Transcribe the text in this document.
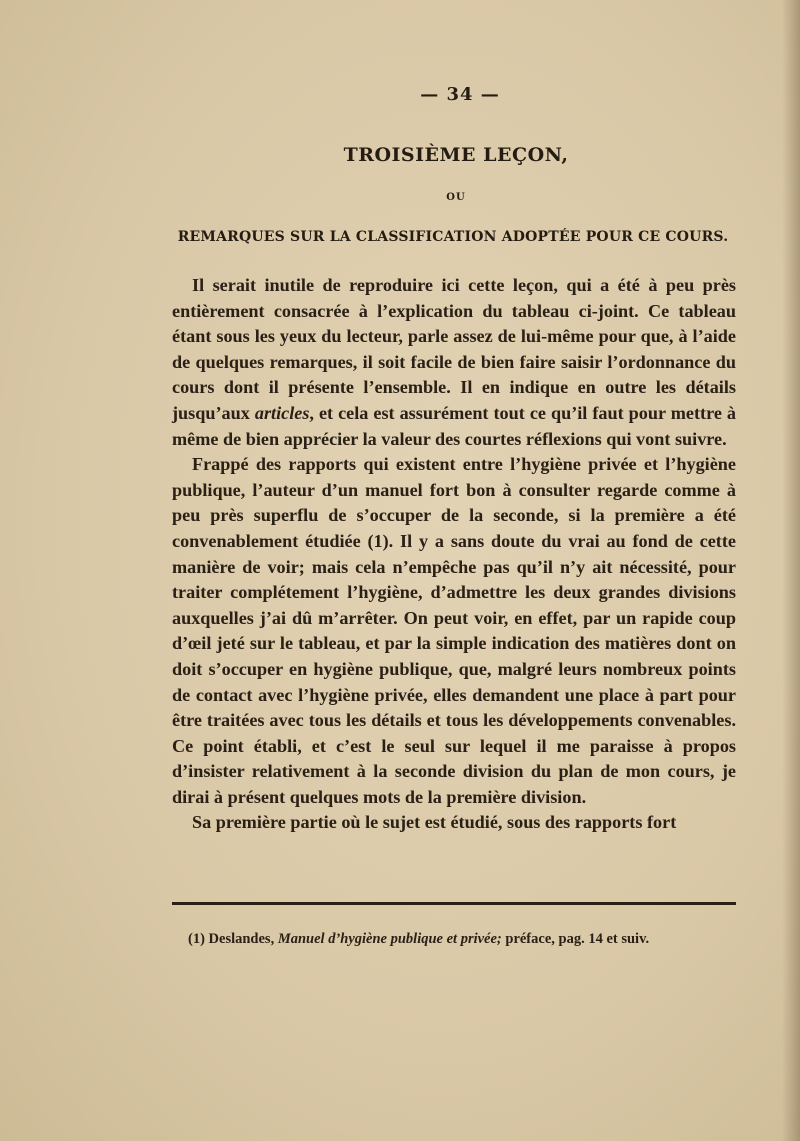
— 34 —
TROISIÈME LEÇON,
OU
REMARQUES SUR LA CLASSIFICATION ADOPTÉE POUR CE COURS.

Il serait inutile de reproduire ici cette leçon, qui a été à peu près entièrement consacrée à l’explication du tableau ci-joint. Ce tableau étant sous les yeux du lecteur, parle assez de lui-même pour que, à l’aide de quelques remarques, il soit facile de bien faire saisir l’ordonnance du cours dont il présente l’ensemble. Il en indique en outre les détails jusqu’aux articles, et cela est assurément tout ce qu’il faut pour mettre à même de bien apprécier la valeur des courtes réflexions qui vont suivre.

Frappé des rapports qui existent entre l’hygiène privée et l’hygiène publique, l’auteur d’un manuel fort bon à consulter regarde comme à peu près superflu de s’occuper de la seconde, si la première a été convenablement étudiée (1). Il y a sans doute du vrai au fond de cette manière de voir; mais cela n’empêche pas qu’il n’y ait nécessité, pour traiter complétement l’hygiène, d’admettre les deux grandes divisions auxquelles j’ai dû m’arrêter. On peut voir, en effet, par un rapide coup d’œil jeté sur le tableau, et par la simple indication des matières dont on doit s’occuper en hygiène publique, que, malgré leurs nombreux points de contact avec l’hygiène privée, elles demandent une place à part pour être traitées avec tous les détails et tous les développements convenables. Ce point établi, et c’est le seul sur lequel il me paraisse à propos d’insister relativement à la seconde division du plan de mon cours, je dirai à présent quelques mots de la première division.

Sa première partie où le sujet est étudié, sous des rapports fort

(1) Deslandes, Manuel d’hygiène publique et privée; préface, pag. 14 et suiv.
